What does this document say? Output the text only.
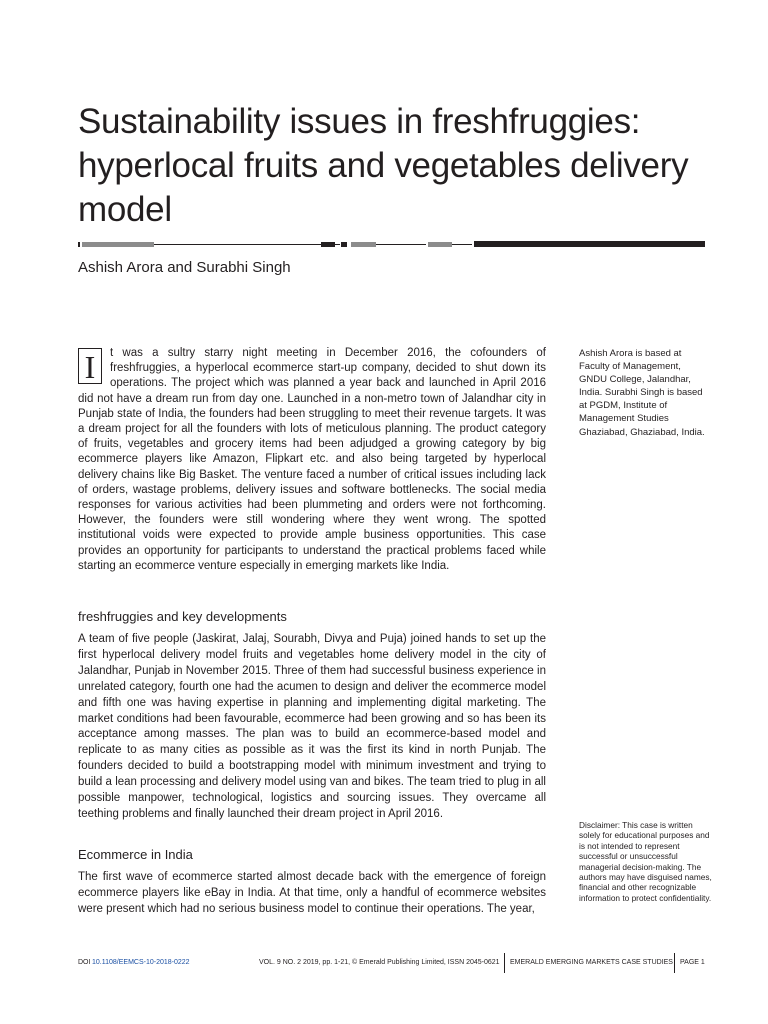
Sustainability issues in freshfruggies: hyperlocal fruits and vegetables delivery model

Ashish Arora and Surabhi Singh

I	t was a sultry starry night meeting in December 2016, the cofounders of freshfruggies, a hyperlocal ecommerce start-up company, decided to shut down its operations. The project which was planned a year back and launched in April 2016 did not have a dream run from day one. Launched in a non-metro town of Jalandhar city in Punjab state of India, the founders had been struggling to meet their revenue targets. It was a dream project for all the founders with lots of meticulous planning. The product category of fruits, vegetables and grocery items had been adjudged a growing category by big ecommerce players like Amazon, Flipkart etc. and also being targeted by hyperlocal delivery chains like Big Basket. The venture faced a number of critical issues including lack of orders, wastage problems, delivery issues and software bottlenecks. The social media responses for various activities had been plummeting and orders were not forthcoming. However, the founders were still wondering where they went wrong. The spotted institutional voids were expected to provide ample business opportunities. This case provides an opportunity for participants to understand the practical problems faced while starting an ecommerce venture especially in emerging markets like India.

freshfruggies and key developments

A team of five people (Jaskirat, Jalaj, Sourabh, Divya and Puja) joined hands to set up the first hyperlocal delivery model fruits and vegetables home delivery model in the city of Jalandhar, Punjab in November 2015. Three of them had successful business experience in unrelated category, fourth one had the acumen to design and deliver the ecommerce model and fifth one was having expertise in planning and implementing digital marketing. The market conditions had been favourable, ecommerce had been growing and so has been its acceptance among masses. The plan was to build an ecommerce-based model and replicate to as many cities as possible as it was the first its kind in north Punjab. The founders decided to build a bootstrapping model with minimum investment and trying to build a lean processing and delivery model using van and bikes. The team tried to plug in all possible manpower, technological, logistics and sourcing issues. They overcame all teething problems and finally launched their dream project in April 2016.

Ecommerce in India

The first wave of ecommerce started almost decade back with the emergence of foreign ecommerce players like eBay in India. At that time, only a handful of ecommerce websites were present which had no serious business model to continue their operations. The year,

Ashish Arora is based at Faculty of Management, GNDU College, Jalandhar, India. Surabhi Singh is based at PGDM, Institute of Management Studies Ghaziabad, Ghaziabad, India.

Disclaimer: This case is written solely for educational purposes and is not intended to represent successful or unsuccessful managerial decision-making. The authors may have disguised names, financial and other recognizable information to protect confidentiality.

DOI 10.1108/EEMCS-10-2018-0222	VOL. 9 NO. 2 2019, pp. 1-21, © Emerald Publishing Limited, ISSN 2045-0621 EMERALD EMERGING MARKETS CASE STUDIES PAGE 1
